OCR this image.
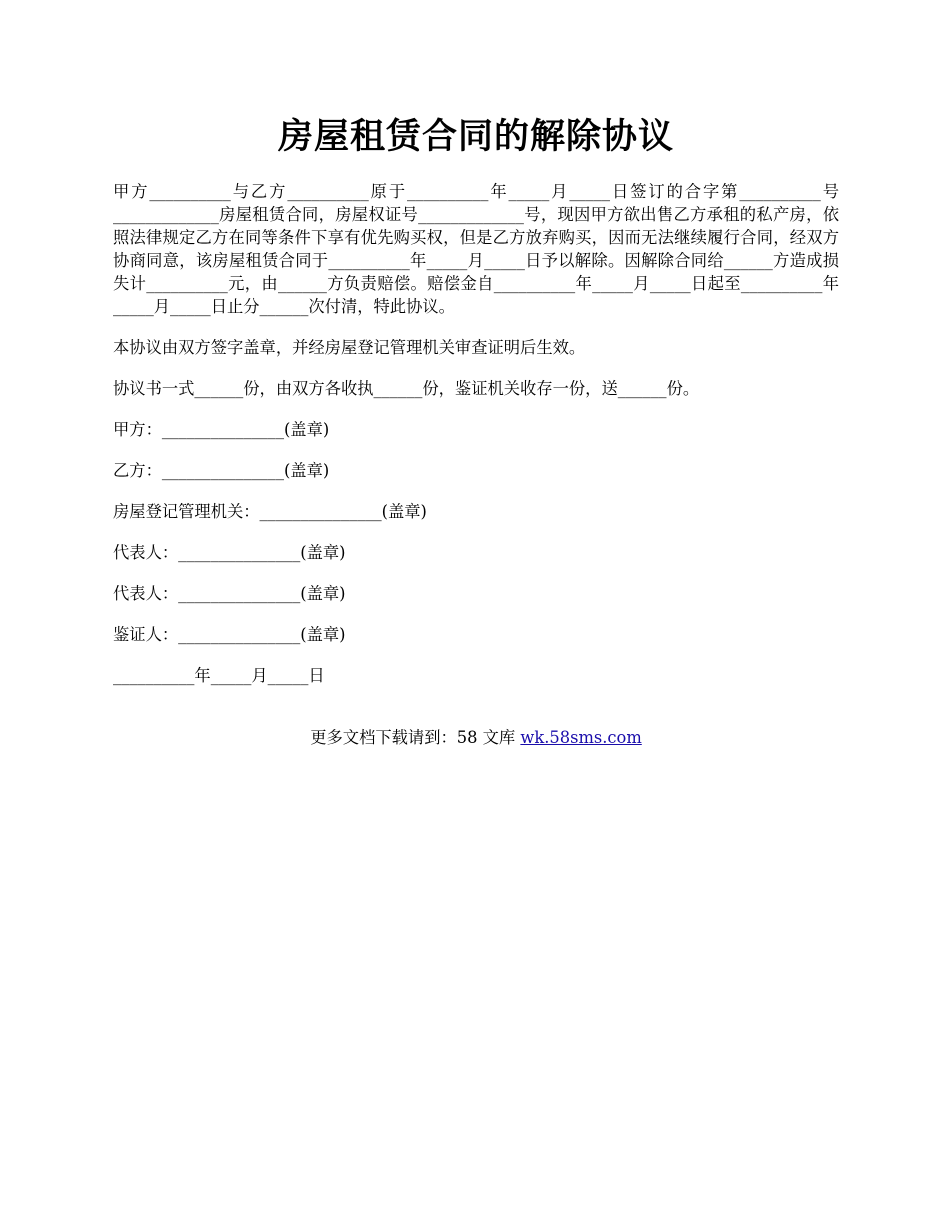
房屋租赁合同的解除协议

甲方__________与乙方__________原于__________年_____月_____日签订的合字第__________号_____________房屋租赁合同，房屋权证号_____________号，现因甲方欲出售乙方承租的私产房，依照法律规定乙方在同等条件下享有优先购买权，但是乙方放弃购买，因而无法继续履行合同，经双方协商同意，该房屋租赁合同于__________年_____月_____日予以解除。因解除合同给______方造成损失计__________元，由______方负责赔偿。赔偿金自__________年_____月_____日起至__________年_____月_____日止分______次付清，特此协议。

本协议由双方签字盖章，并经房屋登记管理机关审查证明后生效。

协议书一式______份，由双方各收执______份，鉴证机关收存一份，送______份。

甲方：_______________(盖章)

乙方：_______________(盖章)

房屋登记管理机关：_______________(盖章)

代表人：_______________(盖章)

代表人：_______________(盖章)

鉴证人：_______________(盖章)

__________年_____月_____日

更多文档下载请到：58 文库 wk.58sms.com
